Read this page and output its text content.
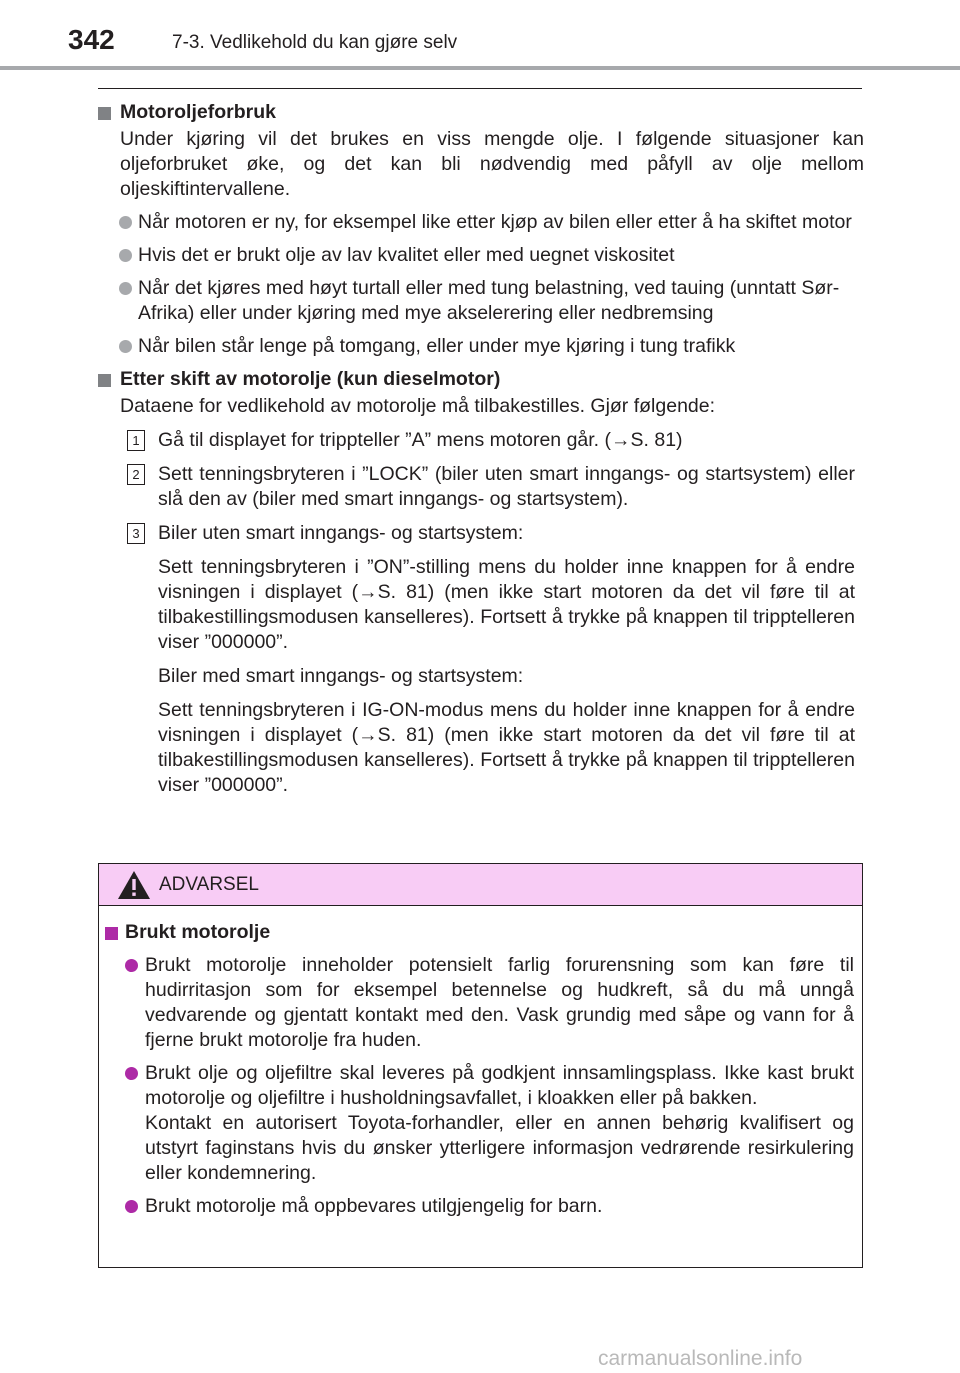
342	7-3. Vedlikehold du kan gjøre selv
Motoroljeforbruk
Under kjøring vil det brukes en viss mengde olje. I følgende situasjoner kan oljeforbruket øke, og det kan bli nødvendig med påfyll av olje mellom oljeskiftintervallene.
Når motoren er ny, for eksempel like etter kjøp av bilen eller etter å ha skiftet motor
Hvis det er brukt olje av lav kvalitet eller med uegnet viskositet
Når det kjøres med høyt turtall eller med tung belastning, ved tauing (unntatt Sør-Afrika) eller under kjøring med mye akselerering eller nedbremsing
Når bilen står lenge på tomgang, eller under mye kjøring i tung trafikk
Etter skift av motorolje (kun dieselmotor)
Dataene for vedlikehold av motorolje må tilbakestilles. Gjør følgende:
1 Gå til displayet for trippteller ”A” mens motoren går. (→S. 81)
2 Sett tenningsbryteren i ”LOCK” (biler uten smart inngangs- og startsystem) eller slå den av (biler med smart inngangs- og startsystem).
3 Biler uten smart inngangs- og startsystem:
Sett tenningsbryteren i ”ON”-stilling mens du holder inne knappen for å endre visningen i displayet (→S. 81) (men ikke start motoren da det vil føre til at tilbakestillingsmodusen kanselleres). Fortsett å trykke på knappen til tripptelleren viser ”000000”.
Biler med smart inngangs- og startsystem:
Sett tenningsbryteren i IG-ON-modus mens du holder inne knappen for å endre visningen i displayet (→S. 81) (men ikke start motoren da det vil føre til at tilbakestillingsmodusen kanselleres). Fortsett å trykke på knappen til tripptelleren viser ”000000”.
ADVARSEL
Brukt motorolje
Brukt motorolje inneholder potensielt farlig forurensning som kan føre til hudirritasjon som for eksempel betennelse og hudkreft, så du må unngå vedvarende og gjentatt kontakt med den. Vask grundig med såpe og vann for å fjerne brukt motorolje fra huden.
Brukt olje og oljefiltre skal leveres på godkjent innsamlingsplass. Ikke kast brukt motorolje og oljefiltre i husholdningsavfallet, i kloakken eller på bakken.
Kontakt en autorisert Toyota-forhandler, eller en annen behørig kvalifisert og utstyrt faginstans hvis du ønsker ytterligere informasjon vedrørende resirkulering eller kondemnering.
Brukt motorolje må oppbevares utilgjengelig for barn.
carmanualsonline.info
